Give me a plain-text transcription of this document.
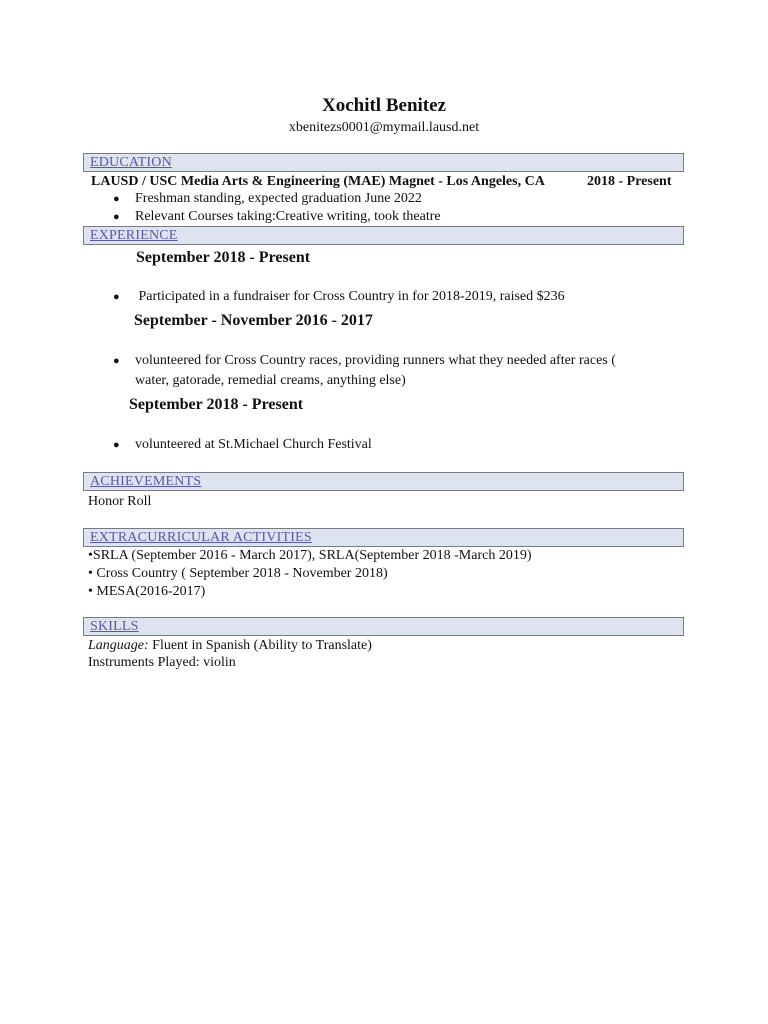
Xochitl Benitez
xbenitezs0001@mymail.lausd.net
EDUCATION
LAUSD / USC Media Arts & Engineering (MAE) Magnet - Los Angeles, CA	2018 - Present
● Freshman standing, expected graduation June 2022
● Relevant Courses taking:Creative writing, took theatre
EXPERIENCE
September 2018 - Present
● Participated in a fundraiser for Cross Country in for 2018-2019, raised $236
September - November 2016 - 2017
● volunteered for Cross Country races, providing runners what they needed after races (
water, gatorade, remedial creams, anything else)
September 2018 - Present
● volunteered at St.Michael Church Festival
ACHIEVEMENTS
Honor Roll
EXTRACURRICULAR ACTIVITIES
•SRLA (September 2016 - March 2017), SRLA(September 2018 -March 2019)
• Cross Country ( September 2018 - November 2018)
• MESA(2016-2017)
SKILLS
Language: Fluent in Spanish (Ability to Translate)
Instruments Played: violin
